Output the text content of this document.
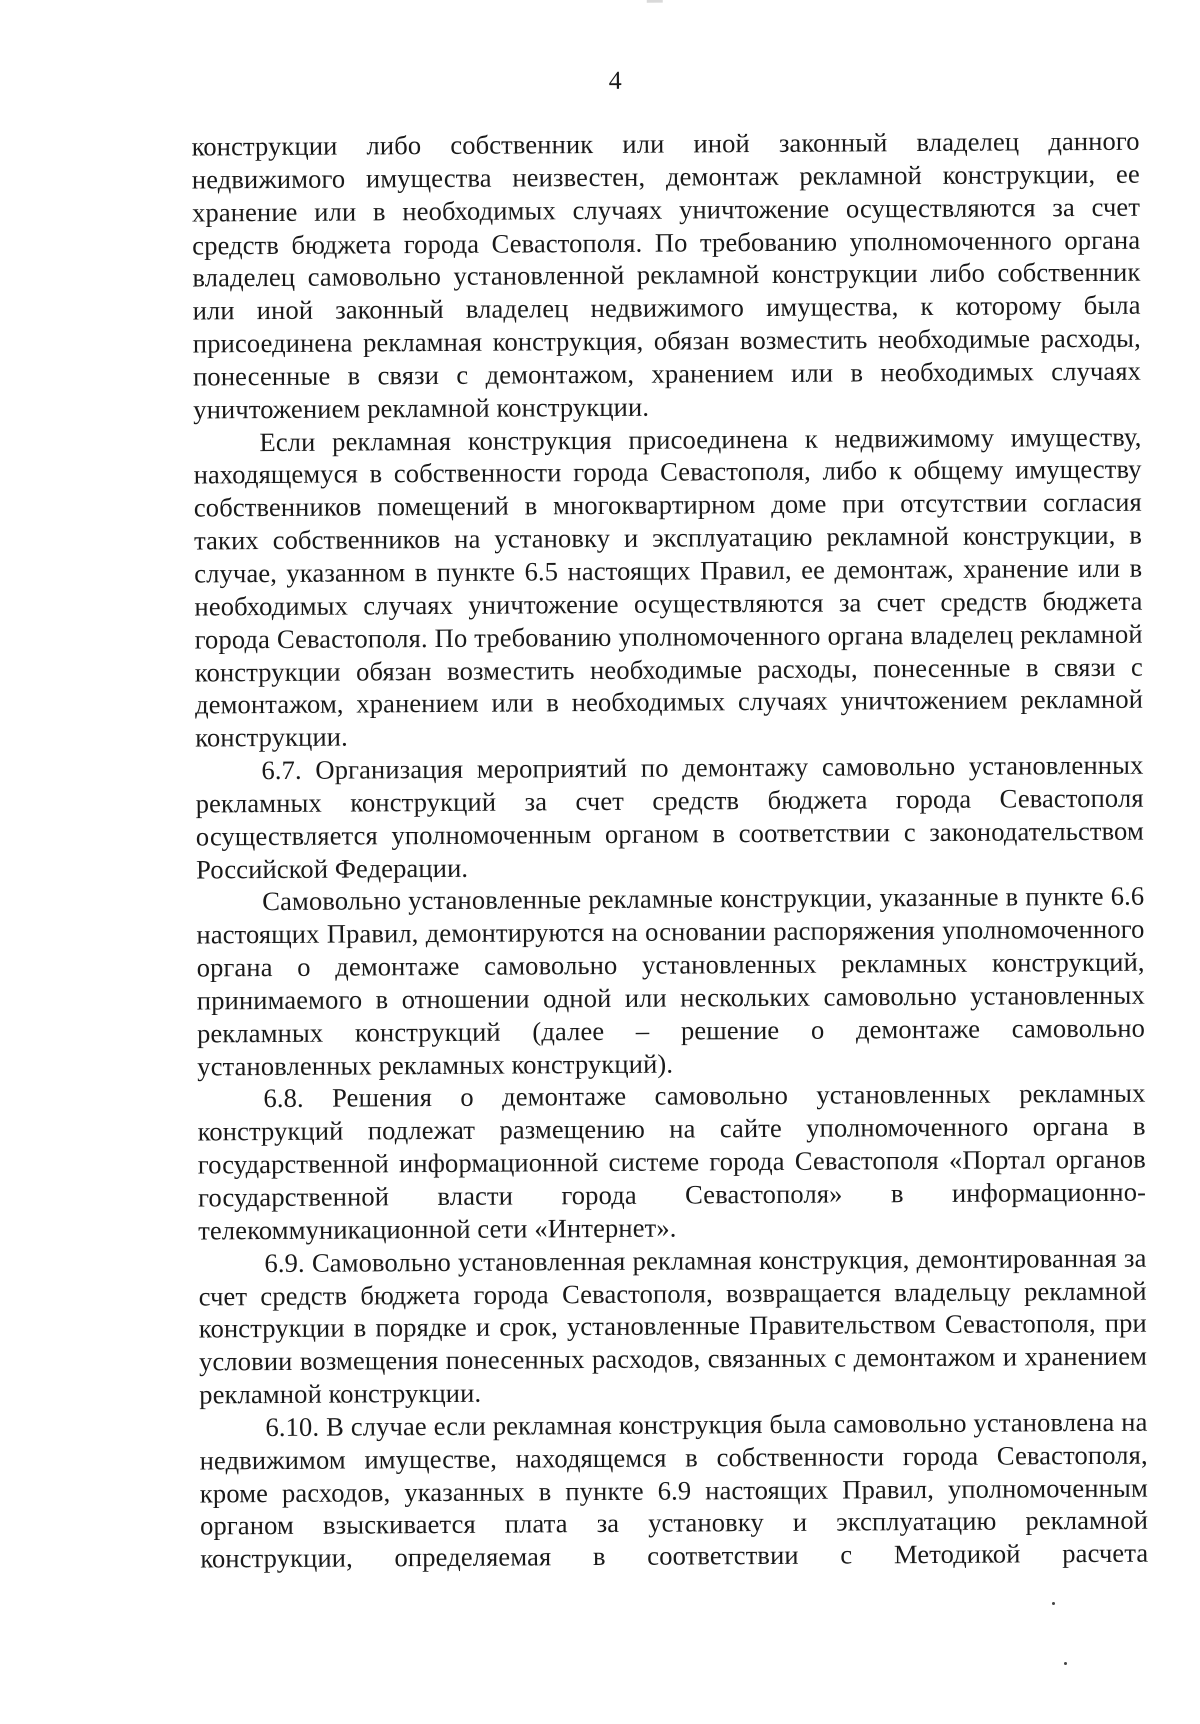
4

конструкции либо собственник или иной законный владелец данного недвижимого имущества неизвестен, демонтаж рекламной конструкции, ее хранение или в необходимых случаях уничтожение осуществляются за счет средств бюджета города Севастополя. По требованию уполномоченного органа владелец самовольно установленной рекламной конструкции либо собственник или иной законный владелец недвижимого имущества, к которому была присоединена рекламная конструкция, обязан возместить необходимые расходы, понесенные в связи с демонтажом, хранением или в необходимых случаях уничтожением рекламной конструкции.

Если рекламная конструкция присоединена к недвижимому имуществу, находящемуся в собственности города Севастополя, либо к общему имуществу собственников помещений в многоквартирном доме при отсутствии согласия таких собственников на установку и эксплуатацию рекламной конструкции, в случае, указанном в пункте 6.5 настоящих Правил, ее демонтаж, хранение или в необходимых случаях уничтожение осуществляются за счет средств бюджета города Севастополя. По требованию уполномоченного органа владелец рекламной конструкции обязан возместить необходимые расходы, понесенные в связи с демонтажом, хранением или в необходимых случаях уничтожением рекламной конструкции.

6.7. Организация мероприятий по демонтажу самовольно установленных рекламных конструкций за счет средств бюджета города Севастополя осуществляется уполномоченным органом в соответствии с законодательством Российской Федерации.

Самовольно установленные рекламные конструкции, указанные в пункте 6.6 настоящих Правил, демонтируются на основании распоряжения уполномоченного органа о демонтаже самовольно установленных рекламных конструкций, принимаемого в отношении одной или нескольких самовольно установленных рекламных конструкций (далее – решение о демонтаже самовольно установленных рекламных конструкций).

6.8. Решения о демонтаже самовольно установленных рекламных конструкций подлежат размещению на сайте уполномоченного органа в государственной информационной системе города Севастополя «Портал органов государственной власти города Севастополя» в информационно-телекоммуникационной сети «Интернет».

6.9. Самовольно установленная рекламная конструкция, демонтированная за счет средств бюджета города Севастополя, возвращается владельцу рекламной конструкции в порядке и срок, установленные Правительством Севастополя, при условии возмещения понесенных расходов, связанных с демонтажом и хранением рекламной конструкции.

6.10. В случае если рекламная конструкция была самовольно установлена на недвижимом имуществе, находящемся в собственности города Севастополя, кроме расходов, указанных в пункте 6.9 настоящих Правил, уполномоченным органом взыскивается плата за установку и эксплуатацию рекламной конструкции, определяемая в соответствии с Методикой расчета
